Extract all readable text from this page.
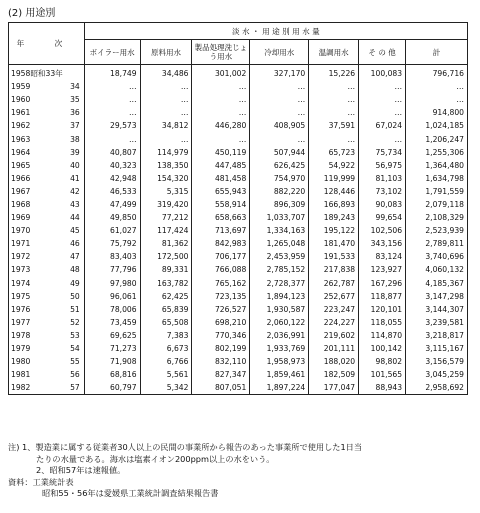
(2) 用途別
年 次		淡 水 ・ 用 途 別 用 水 量						
		ボイラー用水	原料用水	製品処理洗じょう用水	冷却用水	温調用水	そ の 他	計
1958昭和33年		18,749	34,486	301,002	327,170	15,226	100,083	796,716
1959	34	…	…	…	…	…	…	…
1960	35	…	…	…	…	…	…	…
1961	36	…	…	…	…	…	…	914,800
1962	37	29,573	34,812	446,280	408,905	37,591	67,024	1,024,185
1963	38	…	…	…	…	…	…	1,206,247
1964	39	40,807	114,979	450,119	507,944	65,723	75,734	1,255,306
1965	40	40,323	138,350	447,485	626,425	54,922	56,975	1,364,480
1966	41	42,948	154,320	481,458	754,970	119,999	81,103	1,634,798
1967	42	46,533	5,315	655,943	882,220	128,446	73,102	1,791,559
1968	43	47,499	319,420	558,914	896,309	166,893	90,083	2,079,118
1969	44	49,850	77,212	658,663	1,033,707	189,243	99,654	2,108,329
1970	45	61,027	117,424	713,697	1,334,163	195,122	102,506	2,523,939
1971	46	75,792	81,362	842,983	1,265,048	181,470	343,156	2,789,811
1972	47	83,403	172,500	706,177	2,453,959	191,533	83,124	3,740,696
1973	48	77,796	89,331	766,088	2,785,152	217,838	123,927	4,060,132
1974	49	97,980	163,782	765,162	2,728,377	262,787	167,296	4,185,367
1975	50	96,061	62,425	723,135	1,894,123	252,677	118,877	3,147,298
1976	51	78,006	65,839	726,527	1,930,587	223,247	120,101	3,144,307
1977	52	73,459	65,508	698,210	2,060,122	224,227	118,055	3,239,581
1978	53	69,625	7,383	770,346	2,036,991	219,602	114,870	3,218,817
1979	54	71,273	6,673	802,199	1,933,769	201,111	100,142	3,115,167
1980	55	71,908	6,766	832,110	1,958,973	188,020	98,802	3,156,579
1981	56	68,816	5,561	827,347	1,859,461	182,509	101,565	3,045,259
1982	57	60,797	5,342	807,051	1,897,224	177,047	88,943	2,958,692
注) 1、 製造業に属する従業者30人以上の民間の事業所から報告のあった事業所で使用した1日当
たりの水量である。海水は塩素イオン200ppm以上の水をいう。
2、昭和57年は速報値。
資料： 工業統計表
昭和55・56年は愛媛県工業統計調査結果報告書
